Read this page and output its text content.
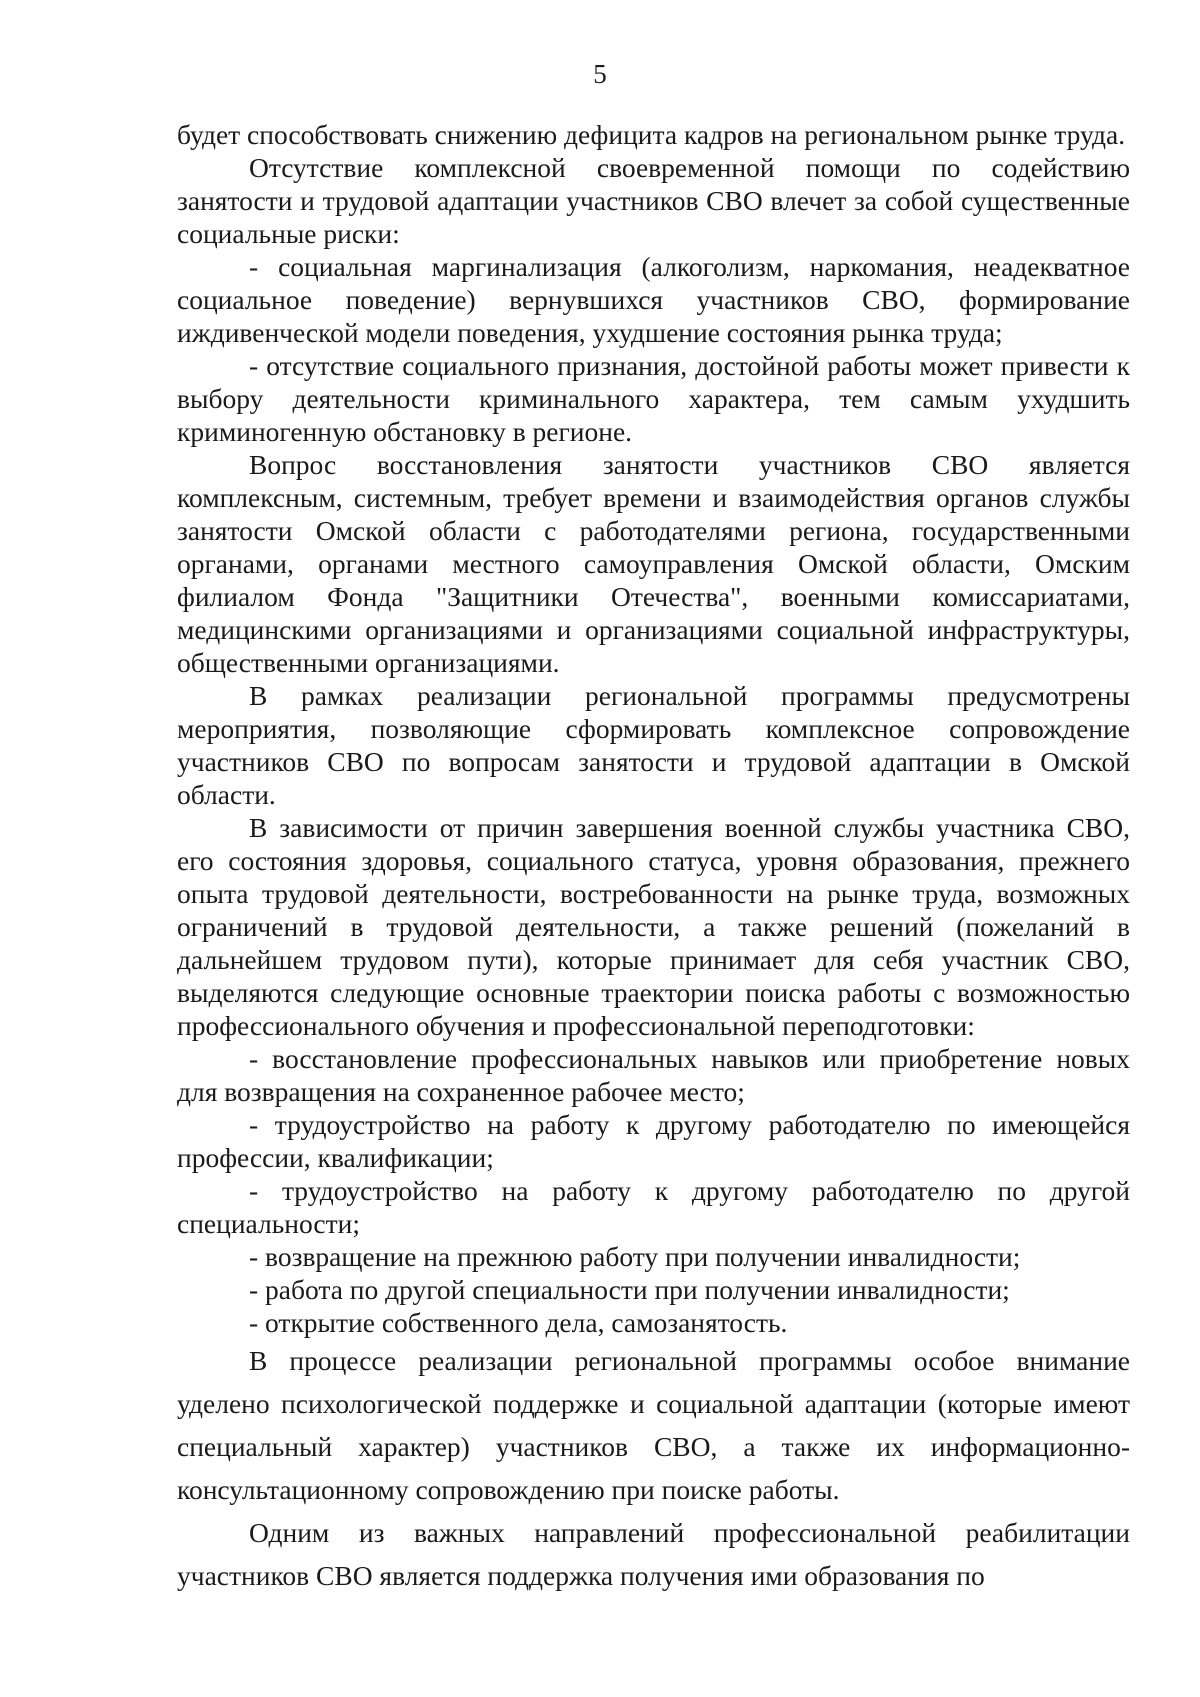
5

будет способствовать снижению дефицита кадров на региональном рынке труда.

Отсутствие комплексной своевременной помощи по содействию занятости и трудовой адаптации участников СВО влечет за собой существенные социальные риски:

- социальная маргинализация (алкоголизм, наркомания, неадекватное социальное поведение) вернувшихся участников СВО, формирование иждивенческой модели поведения, ухудшение состояния рынка труда;

- отсутствие социального признания, достойной работы может привести к выбору деятельности криминального характера, тем самым ухудшить криминогенную обстановку в регионе.

Вопрос восстановления занятости участников СВО является комплексным, системным, требует времени и взаимодействия органов службы занятости Омской области с работодателями региона, государственными органами, органами местного самоуправления Омской области, Омским филиалом Фонда "Защитники Отечества", военными комиссариатами, медицинскими организациями и организациями социальной инфраструктуры, общественными организациями.

В рамках реализации региональной программы предусмотрены мероприятия, позволяющие сформировать комплексное сопровождение участников СВО по вопросам занятости и трудовой адаптации в Омской области.

В зависимости от причин завершения военной службы участника СВО, его состояния здоровья, социального статуса, уровня образования, прежнего опыта трудовой деятельности, востребованности на рынке труда, возможных ограничений в трудовой деятельности, а также решений (пожеланий в дальнейшем трудовом пути), которые принимает для себя участник СВО, выделяются следующие основные траектории поиска работы с возможностью профессионального обучения и профессиональной переподготовки:

- восстановление профессиональных навыков или приобретение новых для возвращения на сохраненное рабочее место;

- трудоустройство на работу к другому работодателю по имеющейся профессии, квалификации;

- трудоустройство на работу к другому работодателю по другой специальности;

- возвращение на прежнюю работу при получении инвалидности;

- работа по другой специальности при получении инвалидности;

- открытие собственного дела, самозанятость.

В процессе реализации региональной программы особое внимание уделено психологической поддержке и социальной адаптации (которые имеют специальный характер) участников СВО, а также их информационно-консультационному сопровождению при поиске работы.

Одним из важных направлений профессиональной реабилитации участников СВО является поддержка получения ими образования по
